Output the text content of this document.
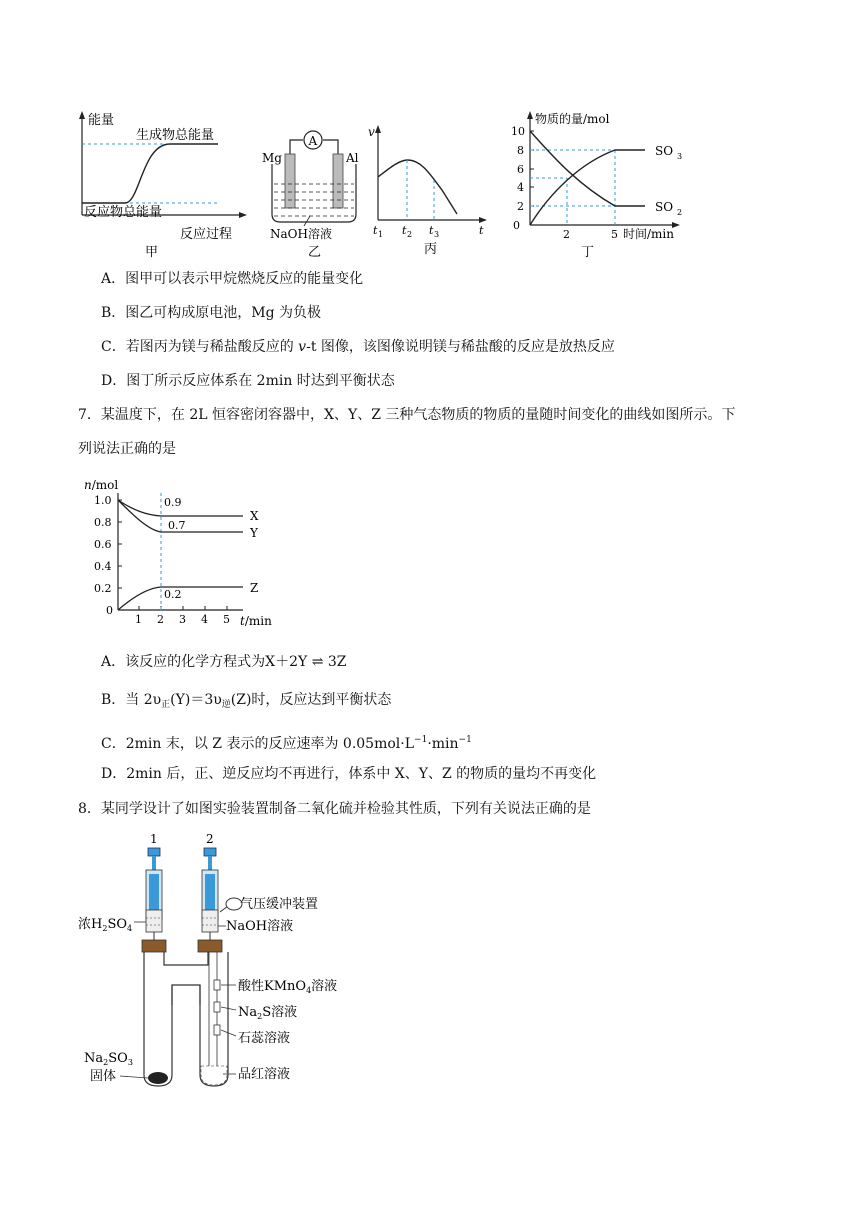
能量
生成物总能量
反应物总能量
反应过程
甲
A
Mg	Al
NaOH溶液
乙
v
t 1 t 2 t 3	t
丙
0
2
4
6
8
10
2	5 时间/min
物质的量/mol
SO 3
SO 2
丁
A．图甲可以表示甲烷燃烧反应的能量变化
B．图乙可构成原电池，Mg 为负极
C．若图丙为镁与稀盐酸反应的 v-t 图像，该图像说明镁与稀盐酸的反应是放热反应
D．图丁所示反应体系在 2min 时达到平衡状态
7．某温度下，在 2L 恒容密闭容器中，X、Y、Z 三种气态物质的物质的量随时间变化的曲线如图所示。下
列说法正确的是
n/mol
1.0
0.8
0.6
0.4
0.2
0
1 2 3 4 5 t/min
0.9
0.7
0.2
X
Y
Z
A．该反应的化学方程式为X＋2Y ⇌ 3Z
B．当 $2\upsilon_正(Y)=3\upsilon_逆(Z)$时，反应达到平衡状态
C．2min 末，以 Z 表示的反应速率为 $0.05mol\cdot L^{-1}\cdot\min^{-1}$
D．2min 后，正、逆反应均不再进行，体系中 X、Y、Z 的物质的量均不再变化
8．某同学设计了如图实验装置制备二氧化硫并检验其性质，下列有关说法正确的是
1	2
浓$H_2SO_4$
气压缓冲装置
NaOH溶液
酸性KMnO$_4$溶液
$Na_2S$溶液
石蕊溶液
品红溶液
$Na_2SO_3$
固体
